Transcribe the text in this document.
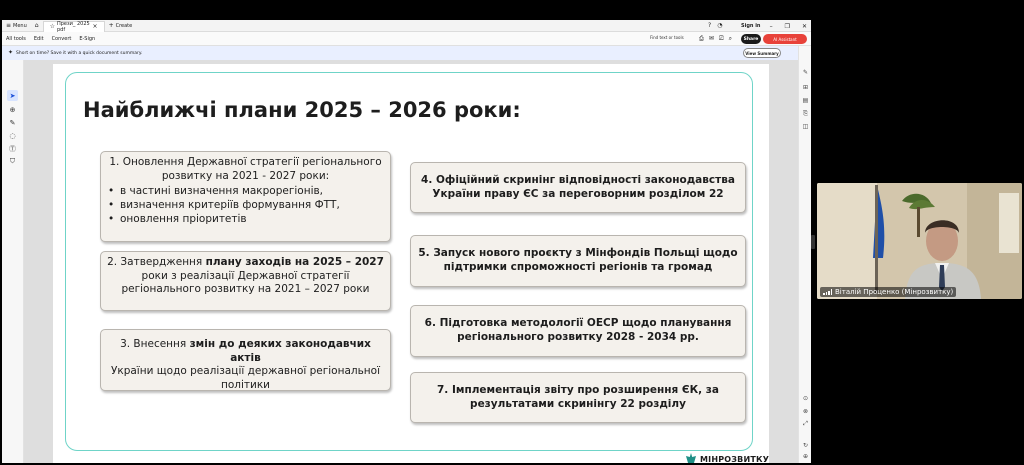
≡ Menu ⌂ ☆ Прези_ 2025 pdf	× + Create	? ◔	Sign in – ❐ ✕
All tools	Edit	Convert	E-Sign	Find text or tools	⎙ ✉ ⎚ ⌕	Share	AI Assistant
✦ Short on time? Save it with a quick document summary.	View Summary
➤
⊕
✎
◌
Ⓣ
⛉
Найближчі плани 2025 – 2026 роки:
1. Оновлення Державної стратегії регіонального
розвитку на 2021 - 2027 роки:
• в частині визначення макрорегіонів,
• визначення критеріїв формування ФТТ,
• оновлення пріоритетів
2. Затвердження плану заходів на 2025 – 2027
роки з реалізації Державної стратегії
регіонального розвитку на 2021 – 2027 роки
3. Внесення змін до деяких законодавчих актів
України щодо реалізації державної регіональної
політики
4. Офіційний скринінг відповідності законодавства
України праву ЄС за переговорним розділом 22
5. Запуск нового проєкту з Мінфондів Польщі щодо
підтримки спроможності регіонів та громад
6. Підготовка методології ОЕСР щодо планування
регіонального розвитку 2028 - 2034 рр.
7. Імплементація звіту про розширення ЄК, за
результатами скринінгу 22 розділу
МІНРОЗВИТКУ
✎
⊞
▤
⎘
◫
⊙
⊗
⤢
↻
⊕
Віталій Проценко (Мінрозвитку)
